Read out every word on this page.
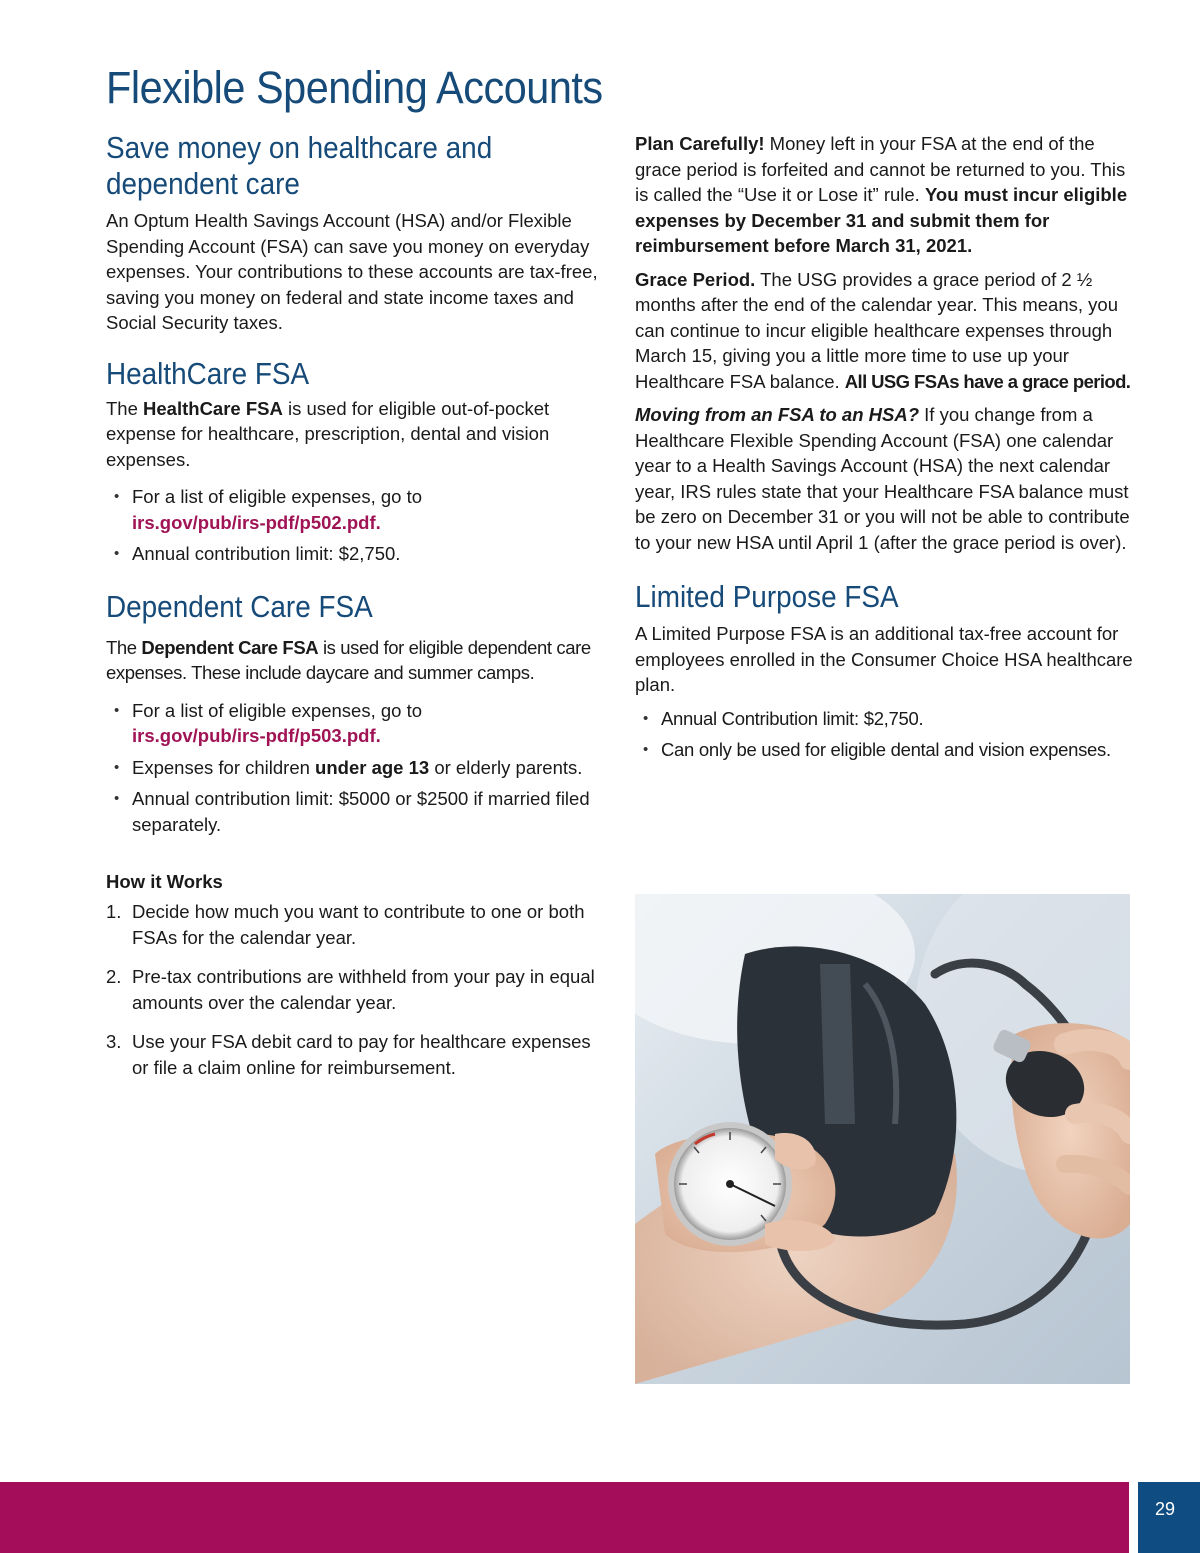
Flexible Spending Accounts
Save money on healthcare and
dependent care

An Optum Health Savings Account (HSA) and/or Flexible Spending Account (FSA) can save you money on everyday expenses. Your contributions to these accounts are tax-free, saving you money on federal and state income taxes and Social Security taxes.

HealthCare FSA

The HealthCare FSA is used for eligible out-of-pocket expense for healthcare, prescription, dental and vision expenses.

• For a list of eligible expenses, go to
irs.gov/pub/irs-pdf/p502.pdf.
• Annual contribution limit: $2,750.
Dependent Care FSA

The Dependent Care FSA is used for eligible dependent care expenses. These include daycare and summer camps.

• For a list of eligible expenses, go to
irs.gov/pub/irs-pdf/p503.pdf.
• Expenses for children under age 13 or elderly parents.
• Annual contribution limit: $5000 or $2500 if married filed separately.
How it Works
1. Decide how much you want to contribute to one or both FSAs for the calendar year.
2. Pre-tax contributions are withheld from your pay in equal amounts over the calendar year.
3. Use your FSA debit card to pay for healthcare expenses or file a claim online for reimbursement.

Plan Carefully! Money left in your FSA at the end of the grace period is forfeited and cannot be returned to you. This is called the “Use it or Lose it” rule. You must incur eligible expenses by December 31 and submit them for reimbursement before March 31, 2021.

Grace Period. The USG provides a grace period of 2 ½ months after the end of the calendar year. This means, you can continue to incur eligible healthcare expenses through March 15, giving you a little more time to use up your Healthcare FSA balance. All USG FSAs have a grace period.

Moving from an FSA to an HSA? If you change from a Healthcare Flexible Spending Account (FSA) one calendar year to a Health Savings Account (HSA) the next calendar year, IRS rules state that your Healthcare FSA balance must be zero on December 31 or you will not be able to contribute to your new HSA until April 1 (after the grace period is over).

Limited Purpose FSA

A Limited Purpose FSA is an additional tax-free account for employees enrolled in the Consumer Choice HSA healthcare plan.

• Annual Contribution limit: $2,750.
• Can only be used for eligible dental and vision expenses.
29
